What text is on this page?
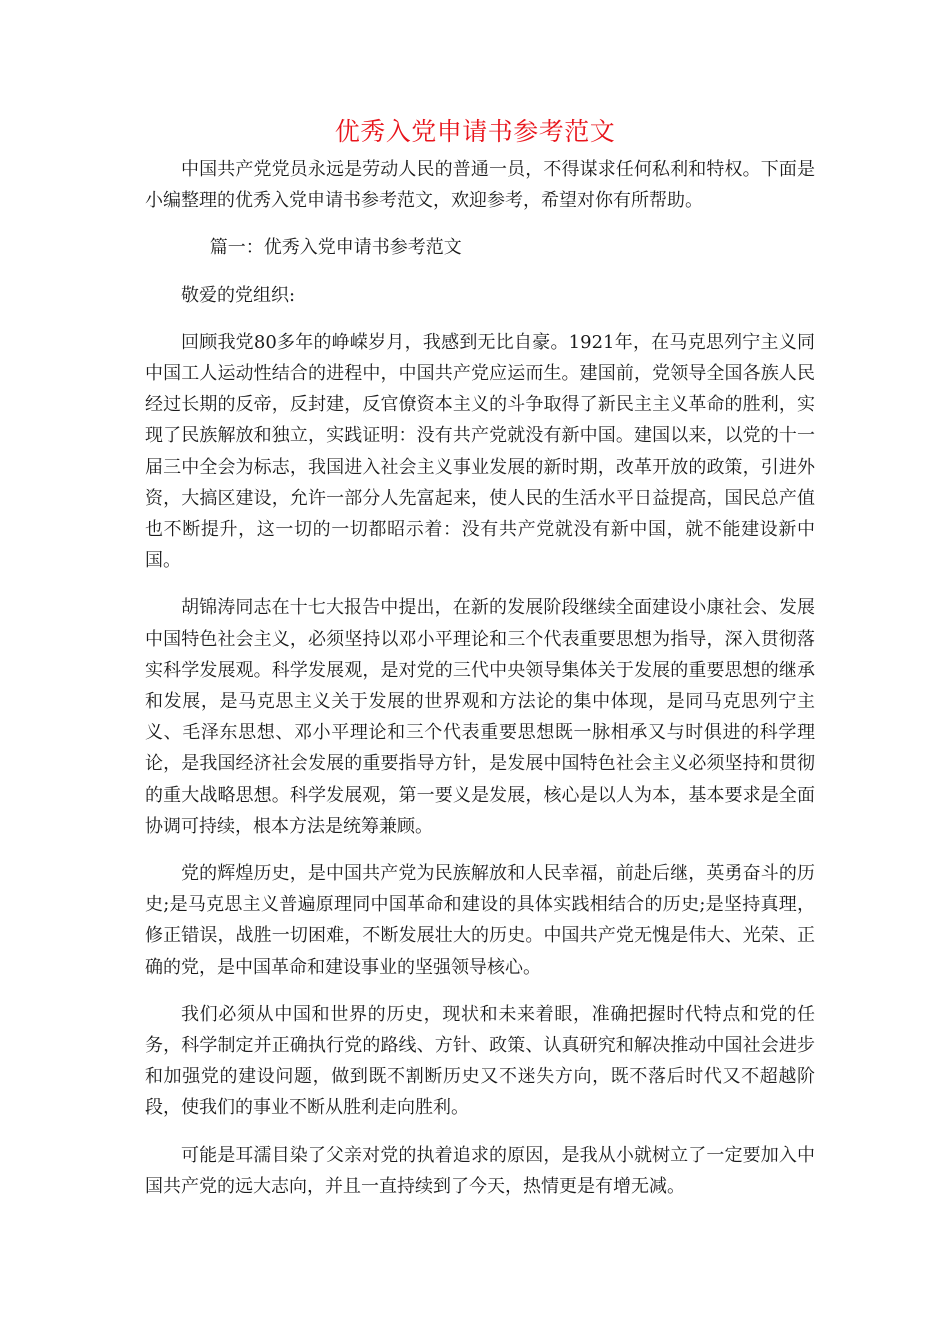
优秀入党申请书参考范文

中国共产党党员永远是劳动人民的普通一员，不得谋求任何私利和特权。下面是小编整理的优秀入党申请书参考范文，欢迎参考，希望对你有所帮助。

篇一：优秀入党申请书参考范文

敬爱的党组织:

回顾我党80多年的峥嵘岁月，我感到无比自豪。1921年，在马克思列宁主义同中国工人运动性结合的进程中，中国共产党应运而生。建国前，党领导全国各族人民经过长期的反帝，反封建，反官僚资本主义的斗争取得了新民主主义革命的胜利，实现了民族解放和独立，实践证明：没有共产党就没有新中国。建国以来，以党的十一届三中全会为标志，我国进入社会主义事业发展的新时期，改革开放的政策，引进外资，大搞区建设，允许一部分人先富起来，使人民的生活水平日益提高，国民总产值也不断提升，这一切的一切都昭示着：没有共产党就没有新中国，就不能建设新中国。

胡锦涛同志在十七大报告中提出，在新的发展阶段继续全面建设小康社会、发展中国特色社会主义，必须坚持以邓小平理论和三个代表重要思想为指导，深入贯彻落实科学发展观。科学发展观，是对党的三代中央领导集体关于发展的重要思想的继承和发展，是马克思主义关于发展的世界观和方法论的集中体现，是同马克思列宁主义、毛泽东思想、邓小平理论和三个代表重要思想既一脉相承又与时俱进的科学理论，是我国经济社会发展的重要指导方针，是发展中国特色社会主义必须坚持和贯彻的重大战略思想。科学发展观，第一要义是发展，核心是以人为本，基本要求是全面协调可持续，根本方法是统筹兼顾。

党的辉煌历史，是中国共产党为民族解放和人民幸福，前赴后继，英勇奋斗的历史;是马克思主义普遍原理同中国革命和建设的具体实践相结合的历史;是坚持真理，修正错误，战胜一切困难，不断发展壮大的历史。中国共产党无愧是伟大、光荣、正确的党，是中国革命和建设事业的坚强领导核心。

我们必须从中国和世界的历史，现状和未来着眼，准确把握时代特点和党的任务，科学制定并正确执行党的路线、方针、政策、认真研究和解决推动中国社会进步和加强党的建设问题，做到既不割断历史又不迷失方向，既不落后时代又不超越阶段，使我们的事业不断从胜利走向胜利。

可能是耳濡目染了父亲对党的执着追求的原因，是我从小就树立了一定要加入中国共产党的远大志向，并且一直持续到了今天，热情更是有增无减。
